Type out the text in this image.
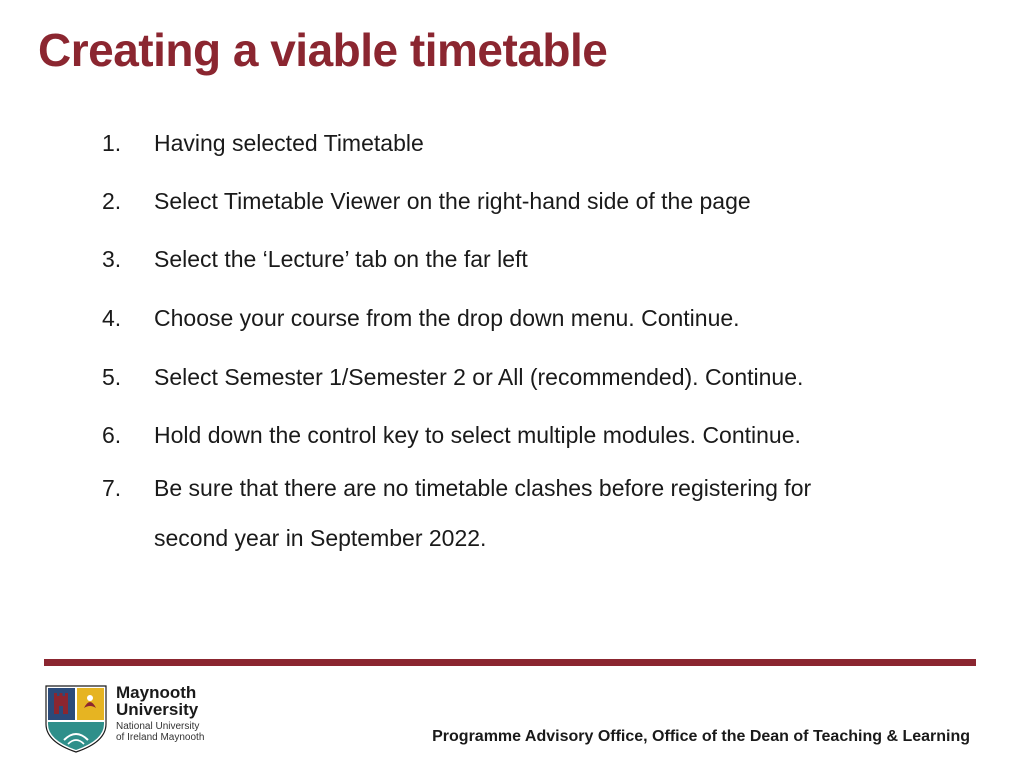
Creating a viable timetable
1.	Having selected Timetable
2.	Select Timetable Viewer on the right-hand side of the page
3.	Select the ‘Lecture’ tab on the far left
4.	Choose your course from the drop down menu. Continue.
5.	Select Semester 1/Semester 2 or All (recommended). Continue.
6.	Hold down the control key to select multiple modules. Continue.
7.	Be sure that there are no timetable clashes before registering for
second year in September 2022.
Maynooth
University
National University
of Ireland Maynooth	Programme Advisory Office, Office of the Dean of Teaching & Learning
